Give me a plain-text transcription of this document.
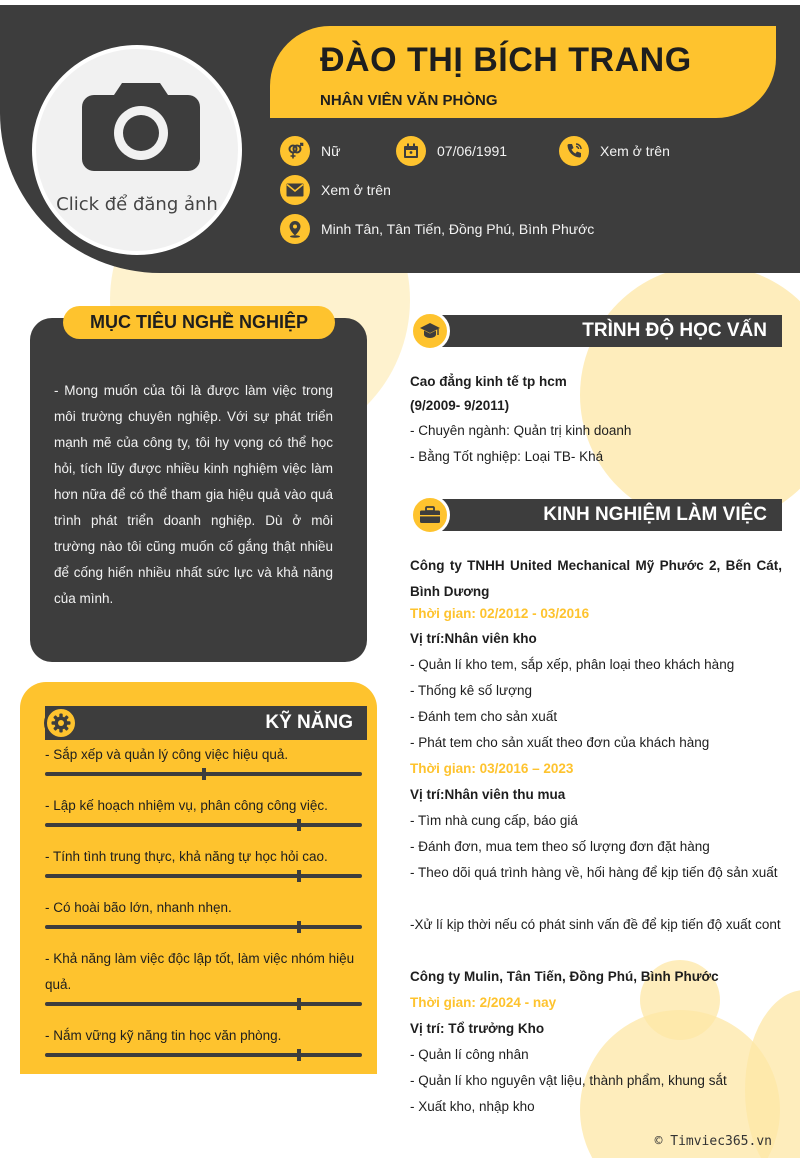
Click để đăng ảnh
ĐÀO THỊ BÍCH TRANG
NHÂN VIÊN VĂN PHÒNG
Nữ	07/06/1991	Xem ở trên
Xem ở trên
Minh Tân, Tân Tiến, Đồng Phú, Bình Phước
- Mong muốn của tôi là được làm việc trong môi trường chuyên nghiệp. Với sự phát triển mạnh mẽ của công ty, tôi hy vọng có thể học hỏi, tích lũy được nhiều kinh nghiệm việc làm hơn nữa để có thể tham gia hiệu quả vào quá trình phát triển doanh nghiệp. Dù ở môi trường nào tôi cũng muốn cố gắng thật nhiều để cống hiến nhiều nhất sức lực và khả năng của mình.
MỤC TIÊU NGHỀ NGHIỆP
KỸ NĂNG
- Sắp xếp và quản lý công việc hiệu quả.
- Lập kế hoạch nhiệm vụ, phân công công việc.
- Tính tình trung thực, khả năng tự học hỏi cao.
- Có hoài bão lớn, nhanh nhẹn.
- Khả năng làm việc độc lập tốt, làm việc nhóm hiệu quả.
- Nắm vững kỹ năng tin học văn phòng.
TRÌNH ĐỘ HỌC VẤN
Cao đẳng kinh tế tp hcm
(9/2009- 9/2011)
- Chuyên ngành: Quản trị kinh doanh
- Bằng Tốt nghiệp: Loại TB- Khá
KINH NGHIỆM LÀM VIỆC
Công ty TNHH United Mechanical Mỹ Phước 2, Bến Cát, Bình Dương
Thời gian: 02/2012 - 03/2016
Vị trí:Nhân viên kho
- Quản lí kho tem, sắp xếp, phân loại theo khách hàng
- Thống kê số lượng
- Đánh tem cho sản xuất
- Phát tem cho sản xuất theo đơn của khách hàng
Thời gian: 03/2016 – 2023
Vị trí:Nhân viên thu mua
- Tìm nhà cung cấp, báo giá
- Đánh đơn, mua tem theo số lượng đơn đặt hàng
- Theo dõi quá trình hàng về, hối hàng để kịp tiến độ sản xuất
-Xử lí kịp thời nếu có phát sinh vấn đề để kịp tiến độ xuất cont
Công ty Mulin, Tân Tiến, Đồng Phú, Bình Phước
Thời gian: 2/2024 - nay
Vị trí: Tổ trưởng Kho
- Quản lí công nhân
- Quản lí kho nguyên vật liệu, thành phẩm, khung sắt
- Xuất kho, nhập kho
© Timviec365.vn
